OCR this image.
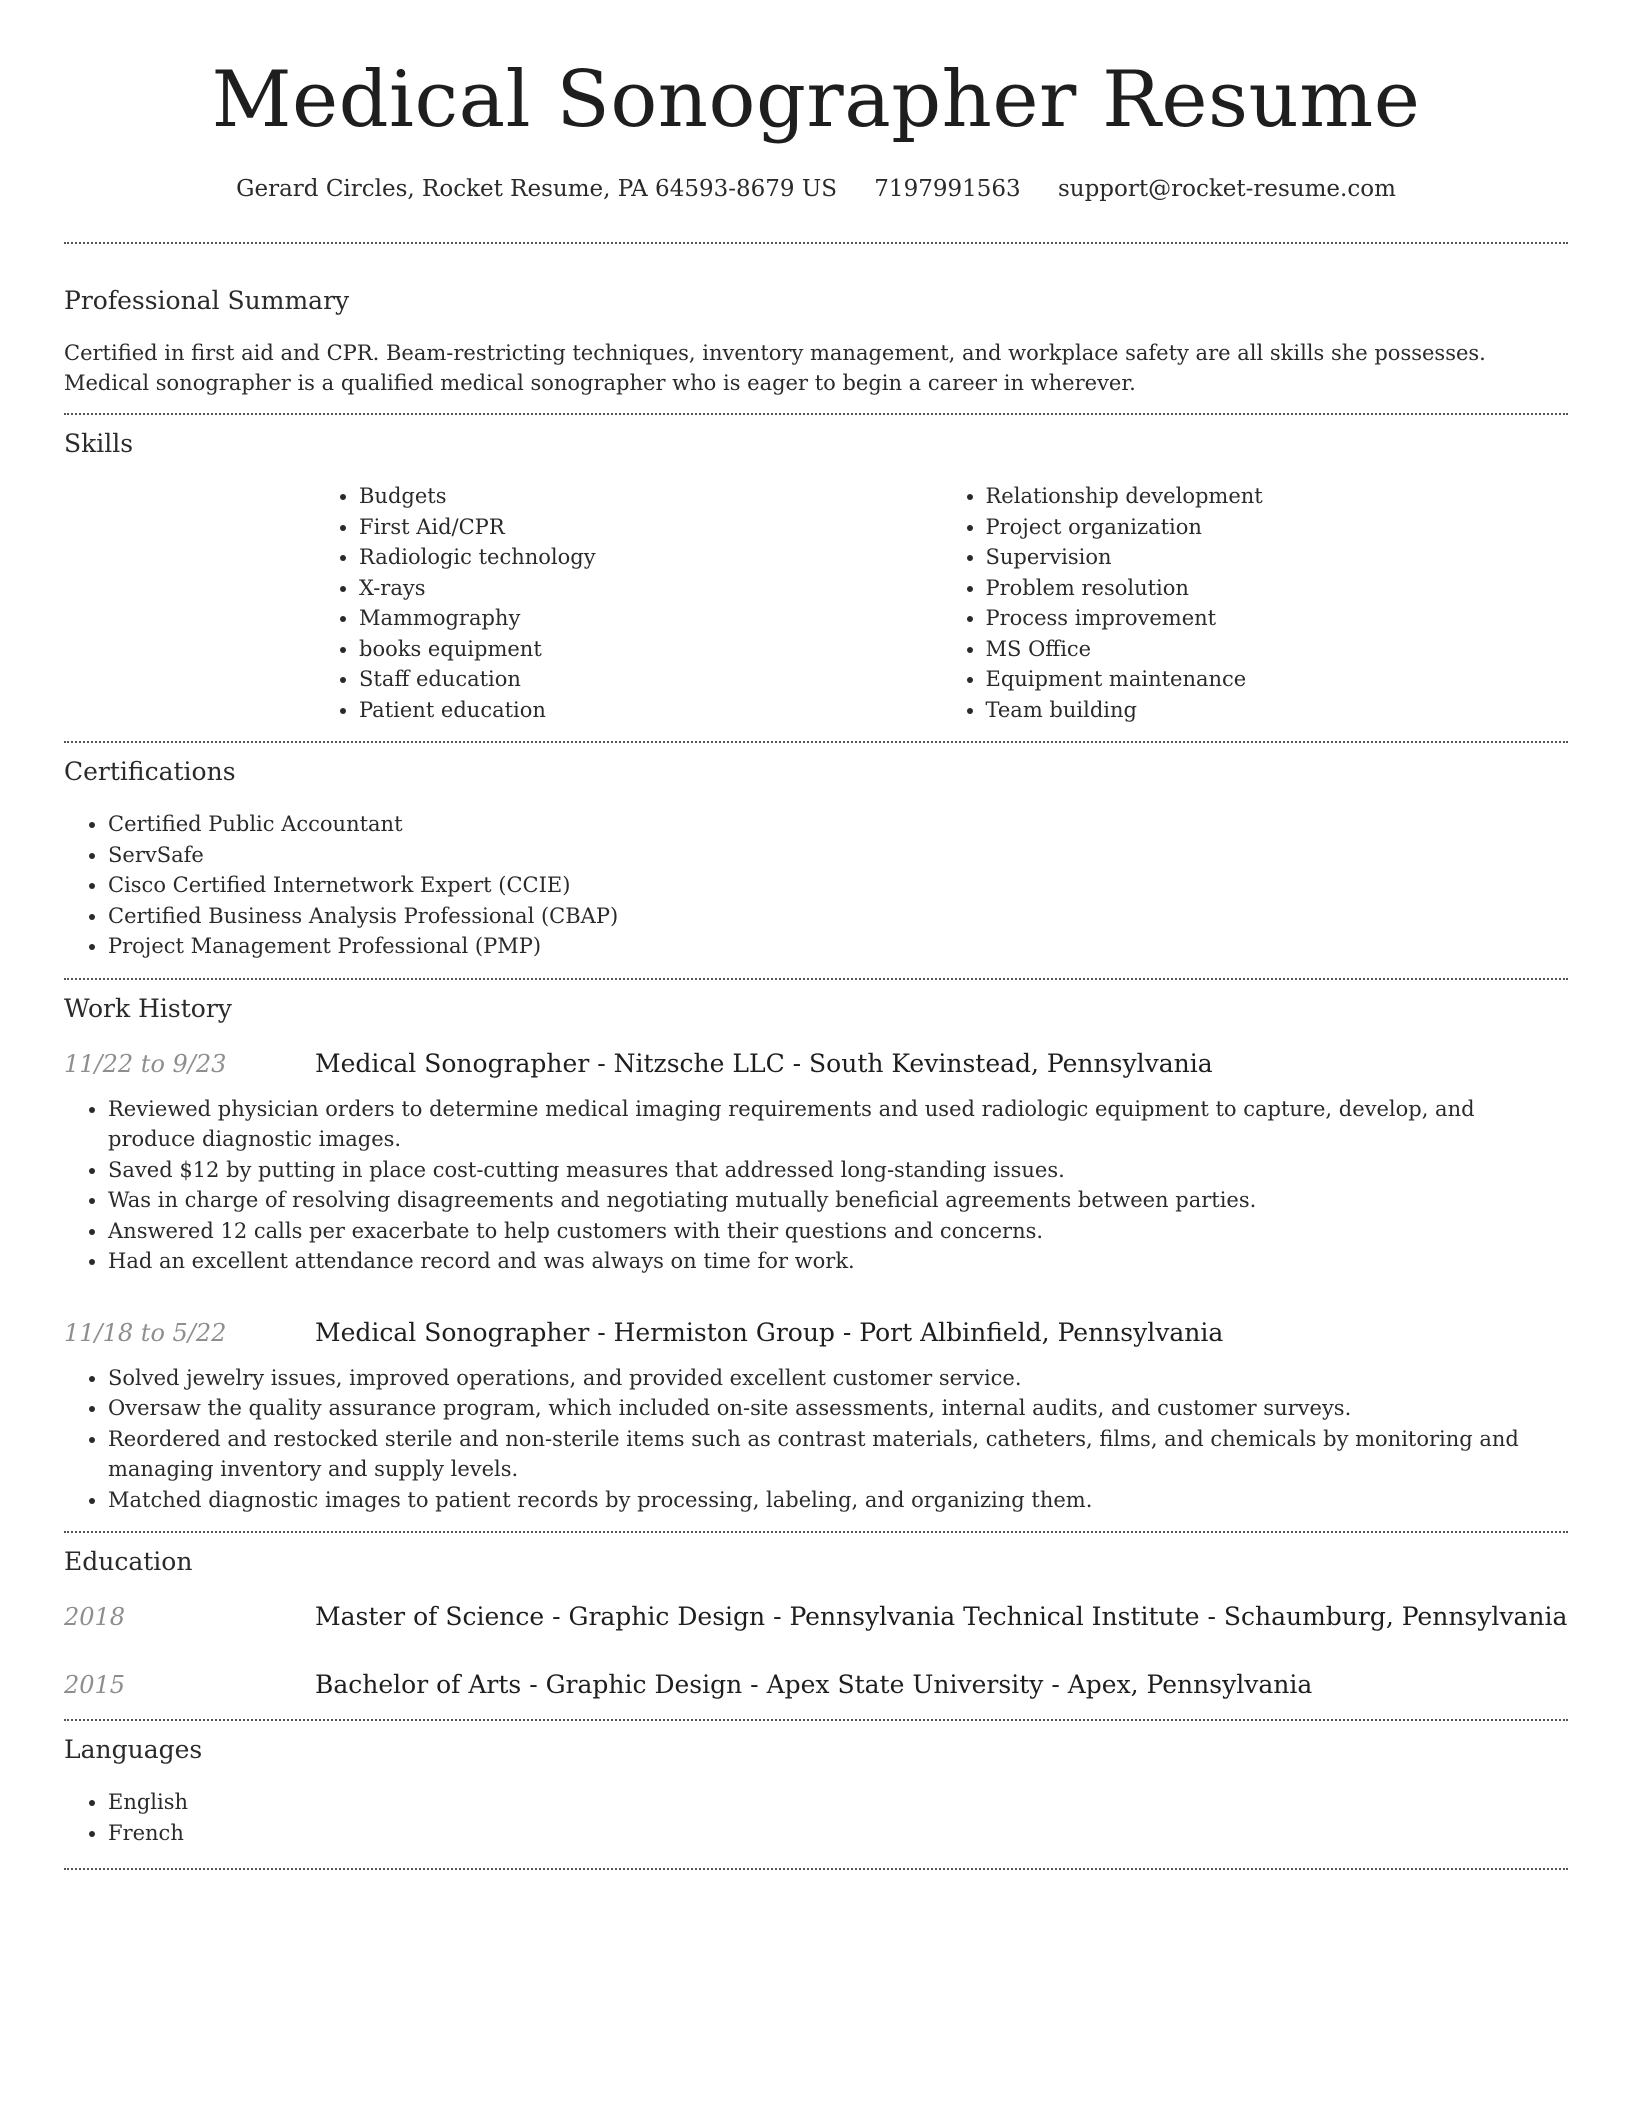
Medical Sonographer Resume
Gerard Circles, Rocket Resume, PA 64593-8679 US 7197991563 support@rocket-resume.com
Professional Summary

Certified in first aid and CPR. Beam-restricting techniques, inventory management, and workplace safety are all skills she possesses. Medical sonographer is a qualified medical sonographer who is eager to begin a career in wherever.

Skills
• Budgets
• First Aid/CPR
• Radiologic technology
• X-rays
• Mammography
• books equipment
• Staff education
• Patient education
• Relationship development
• Project organization
• Supervision
• Problem resolution
• Process improvement
• MS Office
• Equipment maintenance
• Team building
Certifications
• Certified Public Accountant
• ServSafe
• Cisco Certified Internetwork Expert (CCIE)
• Certified Business Analysis Professional (CBAP)
• Project Management Professional (PMP)
Work History
11/22 to 9/23	Medical Sonographer - Nitzsche LLC - South Kevinstead, Pennsylvania
• Reviewed physician orders to determine medical imaging requirements and used radiologic equipment to capture, develop, and produce diagnostic images.
• Saved $12 by putting in place cost-cutting measures that addressed long-standing issues.
• Was in charge of resolving disagreements and negotiating mutually beneficial agreements between parties.
• Answered 12 calls per exacerbate to help customers with their questions and concerns.
• Had an excellent attendance record and was always on time for work.
11/18 to 5/22	Medical Sonographer - Hermiston Group - Port Albinfield, Pennsylvania
• Solved jewelry issues, improved operations, and provided excellent customer service.
• Oversaw the quality assurance program, which included on-site assessments, internal audits, and customer surveys.
• Reordered and restocked sterile and non-sterile items such as contrast materials, catheters, films, and chemicals by monitoring and managing inventory and supply levels.
• Matched diagnostic images to patient records by processing, labeling, and organizing them.
Education
2018	Master of Science - Graphic Design - Pennsylvania Technical Institute - Schaumburg, Pennsylvania
2015	Bachelor of Arts - Graphic Design - Apex State University - Apex, Pennsylvania
Languages
• English
• French
